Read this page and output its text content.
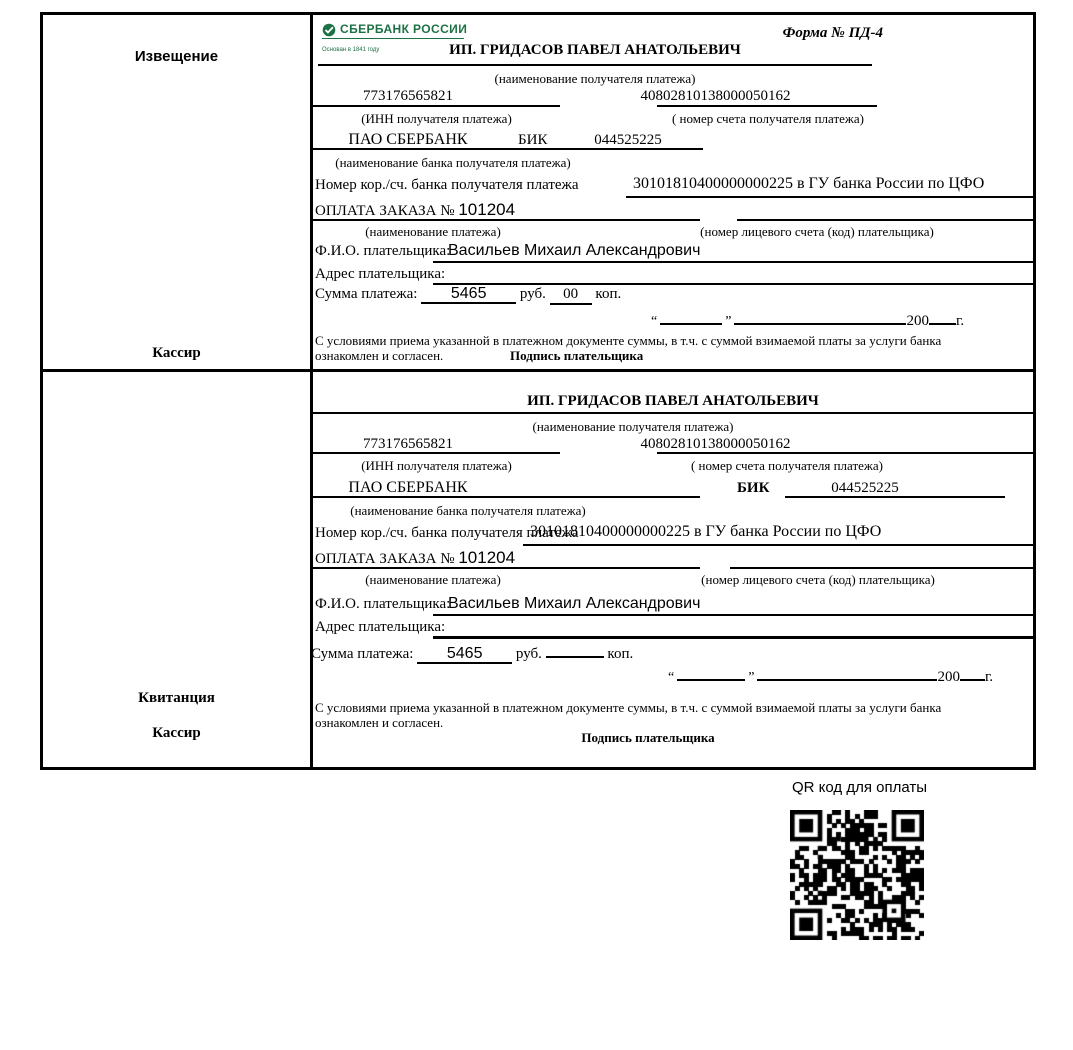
Извещение
Кассир
СБЕРБАНК РОССИИ
Основан в 1841 году
Форма № ПД-4
ИП. ГРИДАСОВ ПАВЕЛ АНАТОЛЬЕВИЧ
(наименование получателя платежа)
773176565821	40802810138000050162
(ИНН получателя платежа)	( номер счета получателя платежа)
ПАО СБЕРБАНК	БИК	044525225
(наименование банка получателя платежа)
Номер кор./сч. банка получателя платежа	30101810400000000225 в ГУ банка России по ЦФО
ОПЛАТА ЗАКАЗА № 101204
(наименование платежа)	(номер лицевого счета (код) плательщика)
Ф.И.О. плательщика:
Васильев Михаил Александрович
Адрес плательщика:
Сумма платежа: 5465 руб. 00 коп.
“	”	200 г.
С условиями приема указанной в платежном документе суммы, в т.ч. с суммой взимаемой платы за услуги банка
ознакомлен и согласен.	Подпись плательщика
Квитанция
Кассир
ИП. ГРИДАСОВ ПАВЕЛ АНАТОЛЬЕВИЧ
(наименование получателя платежа)
773176565821	40802810138000050162
(ИНН получателя платежа)	( номер счета получателя платежа)
ПАО СБЕРБАНК	БИК	044525225
(наименование банка получателя платежа)
Номер кор./сч. банка получателя платежа
30101810400000000225 в ГУ банка России по ЦФО
ОПЛАТА ЗАКАЗА № 101204
(наименование платежа)	(номер лицевого счета (код) плательщика)
Ф.И.О. плательщика:
Васильев Михаил Александрович
Адрес плательщика:
Сумма платежа: 5465 руб.	коп.
“	”	200 г.
С условиями приема указанной в платежном документе суммы, в т.ч. с суммой взимаемой платы за услуги банка
ознакомлен и согласен.
Подпись плательщика
QR код для оплаты
